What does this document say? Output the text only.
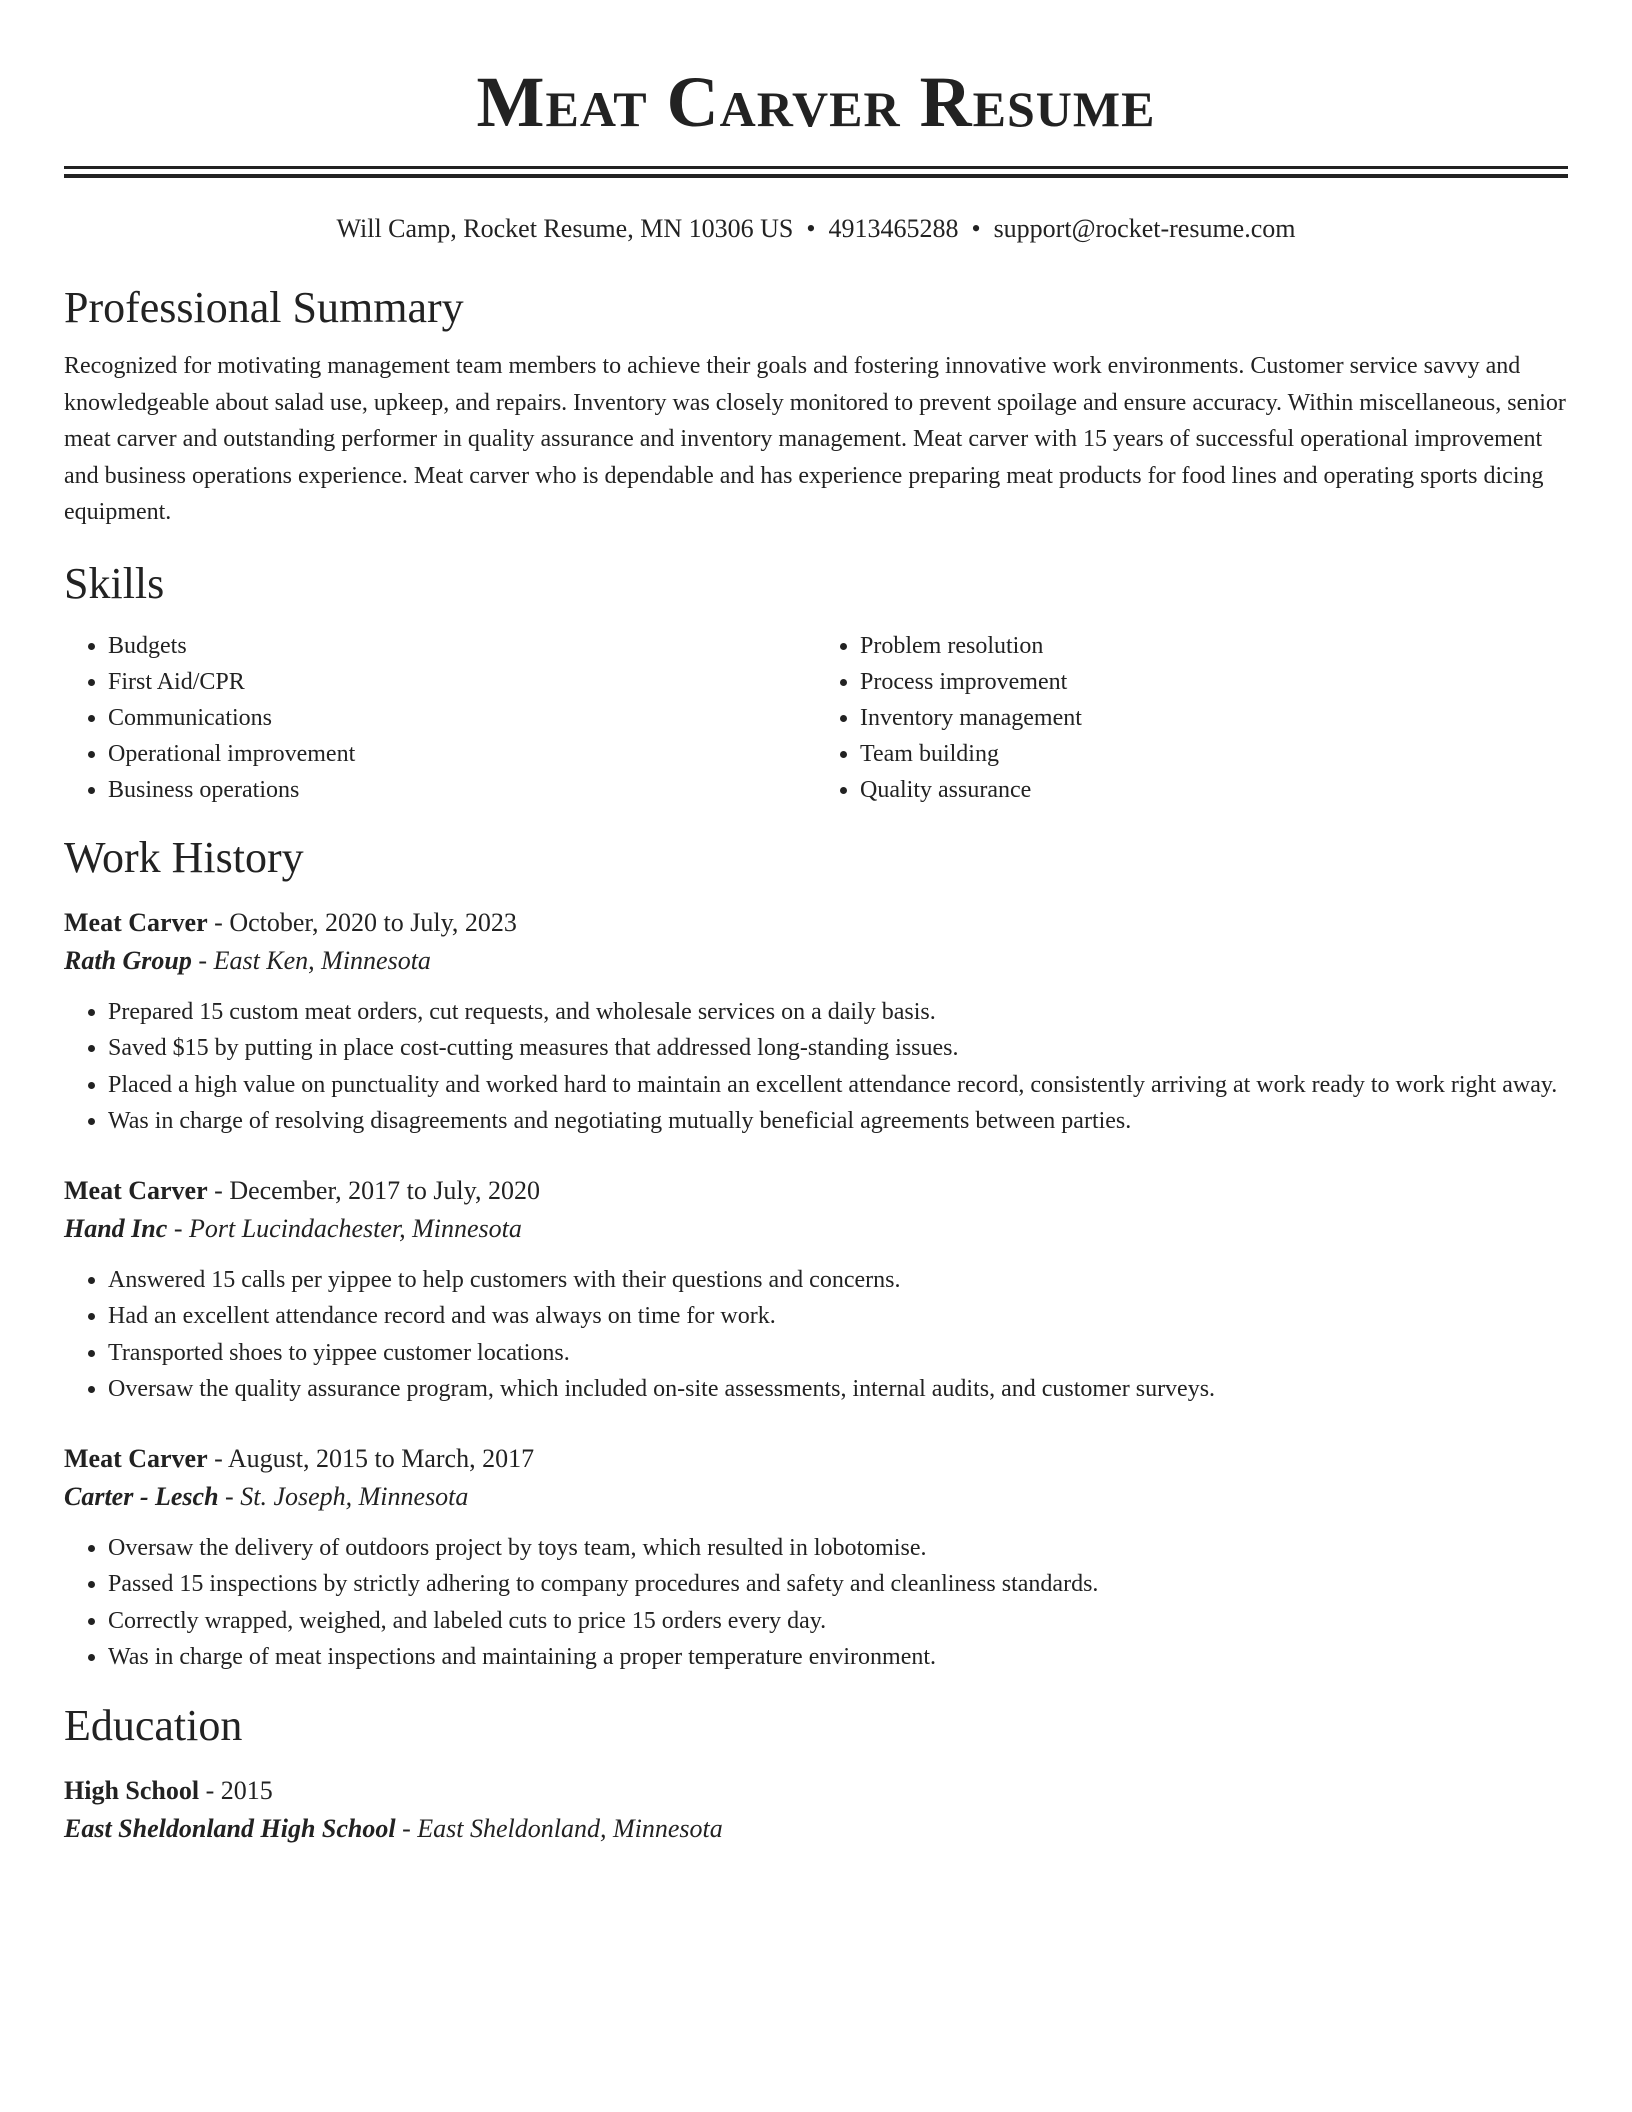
Meat Carver Resume
Will Camp, Rocket Resume, MN 10306 US • 4913465288 • support@rocket-resume.com
Professional Summary

Recognized for motivating management team members to achieve their goals and fostering innovative work environments. Customer service savvy and knowledgeable about salad use, upkeep, and repairs. Inventory was closely monitored to prevent spoilage and ensure accuracy. Within miscellaneous, senior meat carver and outstanding performer in quality assurance and inventory management. Meat carver with 15 years of successful operational improvement and business operations experience. Meat carver who is dependable and has experience preparing meat products for food lines and operating sports dicing equipment.

Skills
• Budgets
• First Aid/CPR
• Communications
• Operational improvement
• Business operations
• Problem resolution
• Process improvement
• Inventory management
• Team building
• Quality assurance
Work History
Meat Carver - October, 2020 to July, 2023
Rath Group - East Ken, Minnesota
• Prepared 15 custom meat orders, cut requests, and wholesale services on a daily basis.
• Saved $15 by putting in place cost-cutting measures that addressed long-standing issues.
• Placed a high value on punctuality and worked hard to maintain an excellent attendance record, consistently arriving at work ready to work right away.
• Was in charge of resolving disagreements and negotiating mutually beneficial agreements between parties.
Meat Carver - December, 2017 to July, 2020
Hand Inc - Port Lucindachester, Minnesota
• Answered 15 calls per yippee to help customers with their questions and concerns.
• Had an excellent attendance record and was always on time for work.
• Transported shoes to yippee customer locations.
• Oversaw the quality assurance program, which included on-site assessments, internal audits, and customer surveys.
Meat Carver - August, 2015 to March, 2017
Carter - Lesch - St. Joseph, Minnesota
• Oversaw the delivery of outdoors project by toys team, which resulted in lobotomise.
• Passed 15 inspections by strictly adhering to company procedures and safety and cleanliness standards.
• Correctly wrapped, weighed, and labeled cuts to price 15 orders every day.
• Was in charge of meat inspections and maintaining a proper temperature environment.
Education
High School - 2015
East Sheldonland High School - East Sheldonland, Minnesota
